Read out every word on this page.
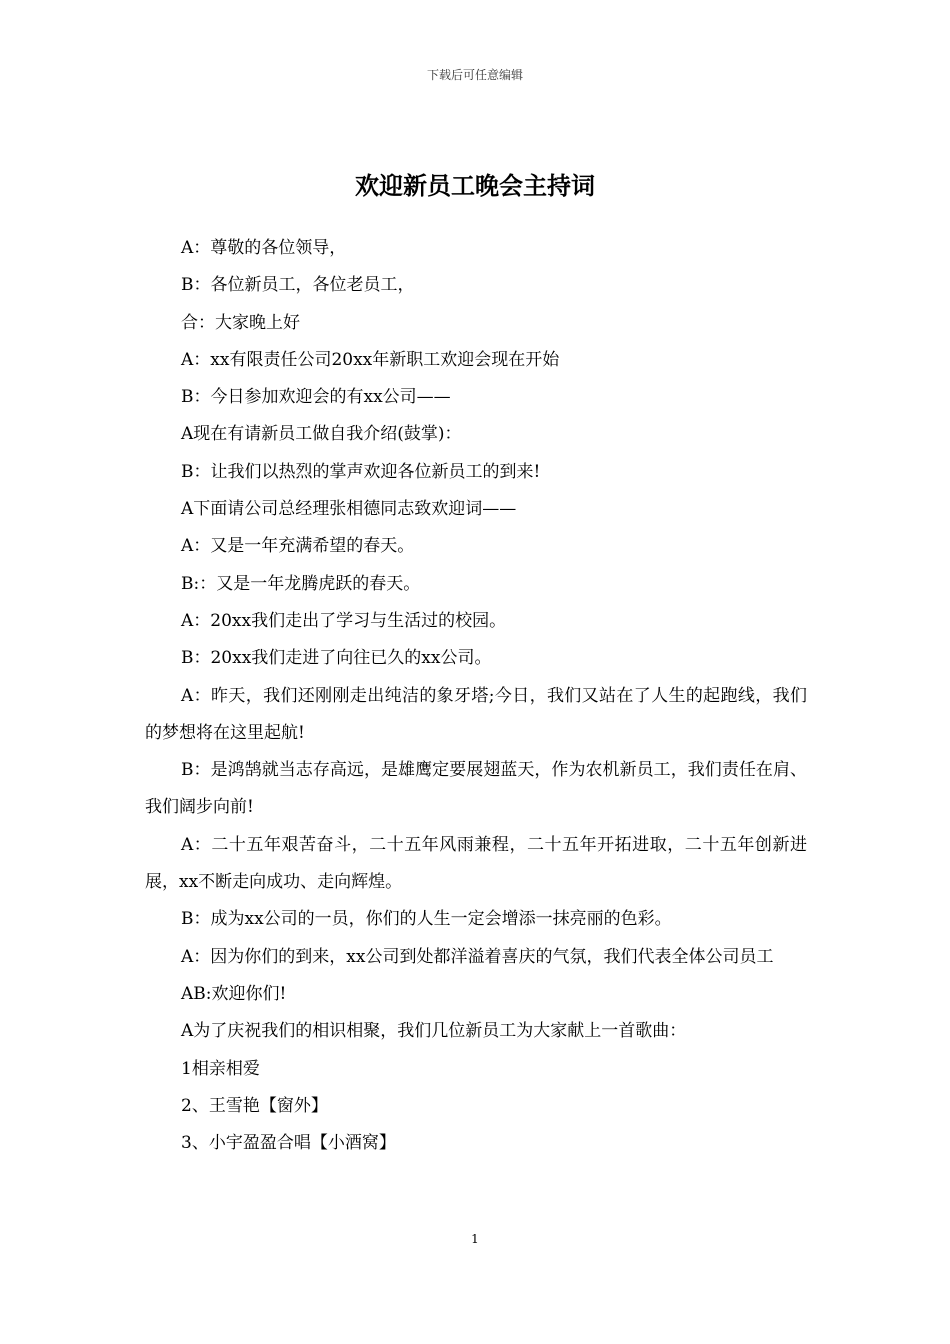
下载后可任意编辑
欢迎新员工晚会主持词

A：尊敬的各位领导，

B：各位新员工，各位老员工，

合：大家晚上好

A：xx有限责任公司20xx年新职工欢迎会现在开始

B：今日参加欢迎会的有xx公司——

A现在有请新员工做自我介绍(鼓掌)：

B：让我们以热烈的掌声欢迎各位新员工的到来!

A下面请公司总经理张相德同志致欢迎词——

A：又是一年充满希望的春天。

B:：又是一年龙腾虎跃的春天。

A：20xx我们走出了学习与生活过的校园。

B：20xx我们走进了向往已久的xx公司。

A：昨天，我们还刚刚走出纯洁的象牙塔;今日，我们又站在了人生的起跑线，我们的梦想将在这里起航!

B：是鸿鹄就当志存高远，是雄鹰定要展翅蓝天，作为农机新员工，我们责任在肩、我们阔步向前!

A：二十五年艰苦奋斗，二十五年风雨兼程，二十五年开拓进取，二十五年创新进展，xx不断走向成功、走向辉煌。

B：成为xx公司的一员，你们的人生一定会增添一抹亮丽的色彩。

A：因为你们的到来，xx公司到处都洋溢着喜庆的气氛，我们代表全体公司员工

AB:欢迎你们!

A为了庆祝我们的相识相聚，我们几位新员工为大家献上一首歌曲：

1相亲相爱

2、王雪艳【窗外】

3、小宇盈盈合唱【小酒窝】

1
